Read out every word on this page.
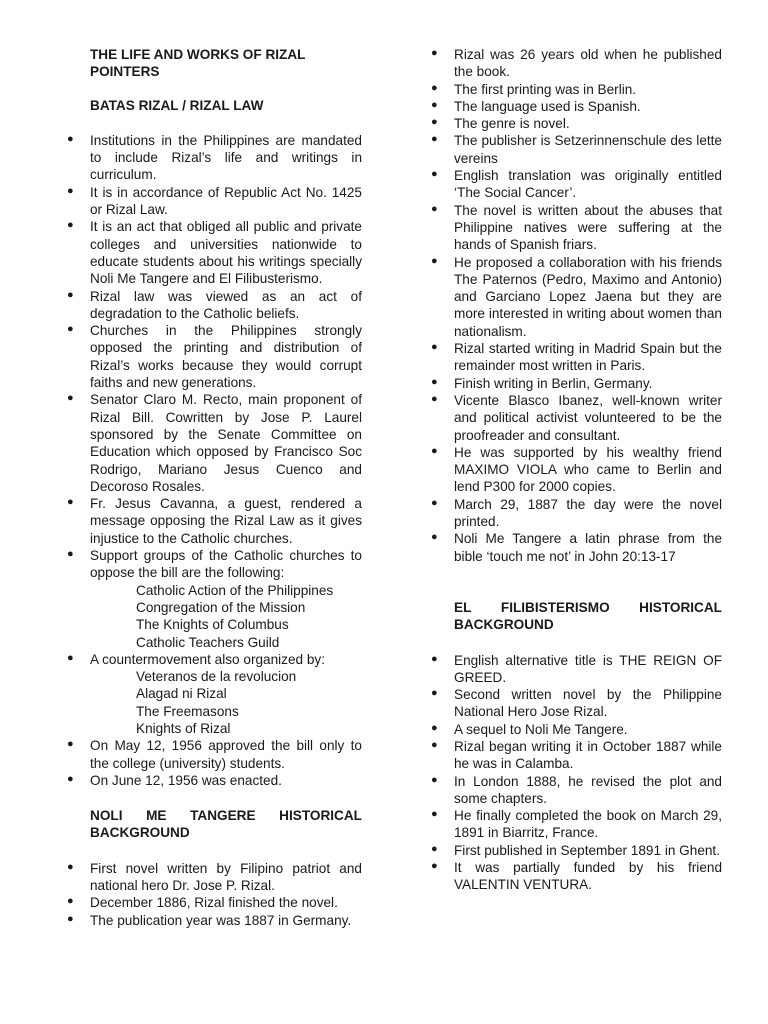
THE LIFE AND WORKS OF RIZAL
POINTERS
BATAS RIZAL / RIZAL LAW
●
Institutions in the Philippines are mandated to include Rizal’s life and writings in curriculum.
●
It is in accordance of Republic Act No. 1425 or Rizal Law.
●
It is an act that obliged all public and private colleges and universities nationwide to educate students about his writings specially Noli Me Tangere and El Filibusterismo.
●
Rizal law was viewed as an act of degradation to the Catholic beliefs.
●
Churches in the Philippines strongly opposed the printing and distribution of Rizal’s works because they would corrupt faiths and new generations.
●
Senator Claro M. Recto, main proponent of Rizal Bill. Cowritten by Jose P. Laurel sponsored by the Senate Committee on Education which opposed by Francisco Soc Rodrigo, Mariano Jesus Cuenco and Decoroso Rosales.
●
Fr. Jesus Cavanna, a guest, rendered a message opposing the Rizal Law as it gives injustice to the Catholic churches.
●
Support groups of the Catholic churches to oppose the bill are the following:
Catholic Action of the Philippines
Congregation of the Mission
The Knights of Columbus
Catholic Teachers Guild
●
A countermovement also organized by:
Veteranos de la revolucion
Alagad ni Rizal
The Freemasons
Knights of Rizal
●
On May 12, 1956 approved the bill only to the college (university) students.
●
On June 12, 1956 was enacted.
NOLI ME TANGERE HISTORICAL
BACKGROUND
●
First novel written by Filipino patriot and national hero Dr. Jose P. Rizal.
●
December 1886, Rizal finished the novel.
●
The publication year was 1887 in Germany.
●
Rizal was 26 years old when he published the book.
●
The first printing was in Berlin.
●
The language used is Spanish.
●
The genre is novel.
●
The publisher is Setzerinnenschule des lette vereins
●
English translation was originally entitled ‘The Social Cancer’.
●
The novel is written about the abuses that Philippine natives were suffering at the hands of Spanish friars.
●
He proposed a collaboration with his friends The Paternos (Pedro, Maximo and Antonio) and Garciano Lopez Jaena but they are more interested in writing about women than nationalism.
●
Rizal started writing in Madrid Spain but the remainder most written in Paris.
●
Finish writing in Berlin, Germany.
●
Vicente Blasco Ibanez, well-known writer and political activist volunteered to be the proofreader and consultant.
●
He was supported by his wealthy friend MAXIMO VIOLA who came to Berlin and lend P300 for 2000 copies.
●
March 29, 1887 the day were the novel printed.
●
Noli Me Tangere a latin phrase from the bible ‘touch me not’ in John 20:13-17
EL FILIBISTERISMO HISTORICAL
BACKGROUND
●
English alternative title is THE REIGN OF GREED.
●
Second written novel by the Philippine National Hero Jose Rizal.
●
A sequel to Noli Me Tangere.
●
Rizal began writing it in October 1887 while he was in Calamba.
●
In London 1888, he revised the plot and some chapters.
●
He finally completed the book on March 29, 1891 in Biarritz, France.
●
First published in September 1891 in Ghent.
●
It was partially funded by his friend VALENTIN VENTURA.
